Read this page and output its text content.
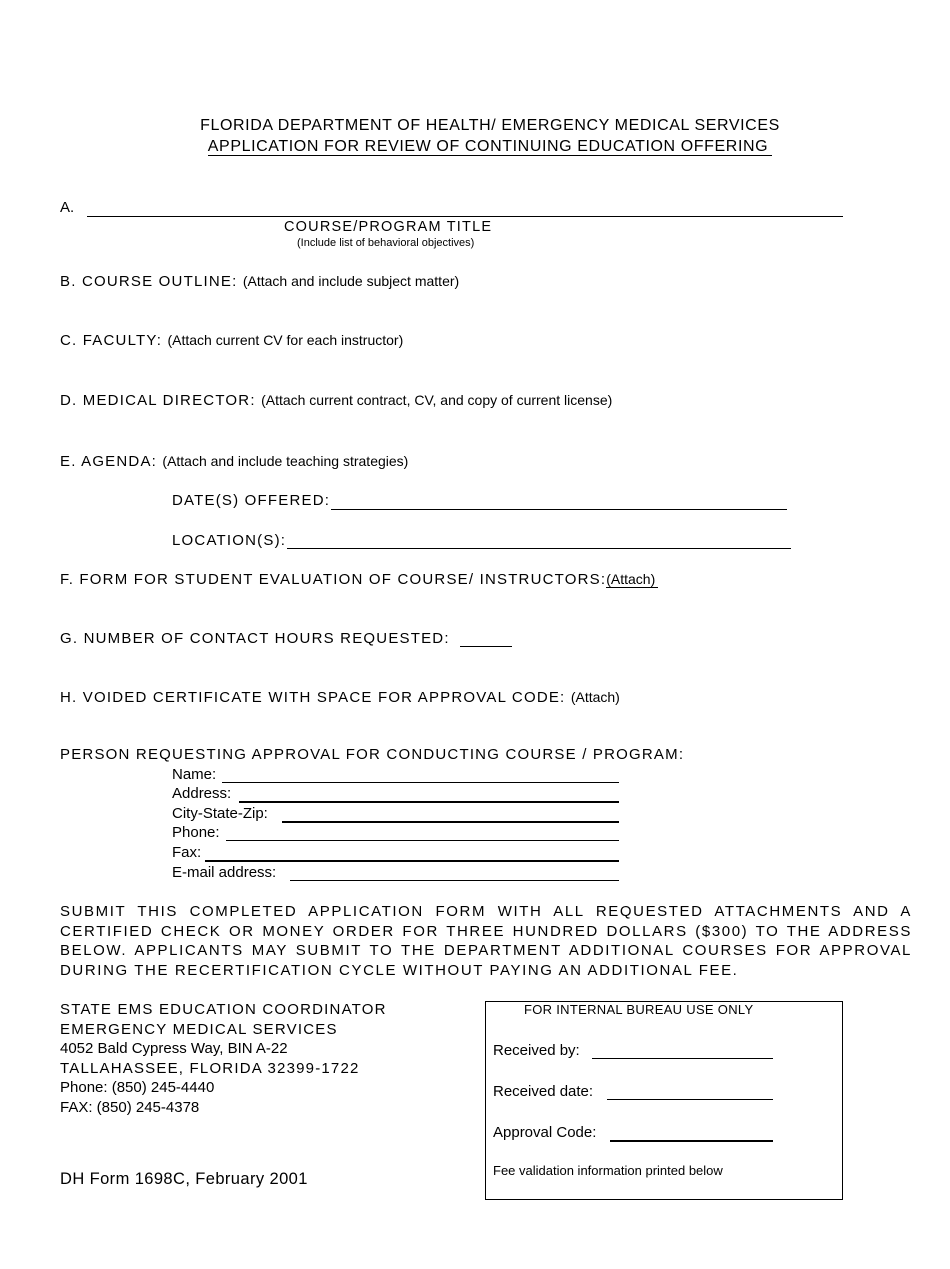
FLORIDA DEPARTMENT OF HEALTH/ EMERGENCY MEDICAL SERVICES
APPLICATION FOR REVIEW OF CONTINUING EDUCATION OFFERING
A.
COURSE/PROGRAM TITLE
(Include list of behavioral objectives)
B. COURSE OUTLINE: (Attach and include subject matter)
C. FACULTY: (Attach current CV for each instructor)
D. MEDICAL DIRECTOR: (Attach current contract, CV, and copy of current license)
E. AGENDA: (Attach and include teaching strategies)
DATE(S) OFFERED:
LOCATION(S):
F. FORM FOR STUDENT EVALUATION OF COURSE/ INSTRUCTORS:(Attach)
G. NUMBER OF CONTACT HOURS REQUESTED:
H. VOIDED CERTIFICATE WITH SPACE FOR APPROVAL CODE: (Attach)
PERSON REQUESTING APPROVAL FOR CONDUCTING COURSE / PROGRAM:
Name:
Address:
City-State-Zip:
Phone:
Fax:
E-mail address:
SUBMIT THIS COMPLETED APPLICATION FORM WITH ALL REQUESTED ATTACHMENTS AND A CERTIFIED CHECK OR MONEY ORDER FOR THREE HUNDRED DOLLARS ($300) TO THE ADDRESS BELOW. APPLICANTS MAY SUBMIT TO THE DEPARTMENT ADDITIONAL COURSES FOR APPROVAL DURING THE RECERTIFICATION CYCLE WITHOUT PAYING AN ADDITIONAL FEE.
STATE EMS EDUCATION COORDINATOR
EMERGENCY MEDICAL SERVICES
4052 Bald Cypress Way, BIN A-22
TALLAHASSEE, FLORIDA 32399-1722
Phone: (850) 245-4440
FAX: (850) 245-4378
FOR INTERNAL BUREAU USE ONLY
Received by:
Received date:
Approval Code:
Fee validation information printed below
DH Form 1698C, February 2001
